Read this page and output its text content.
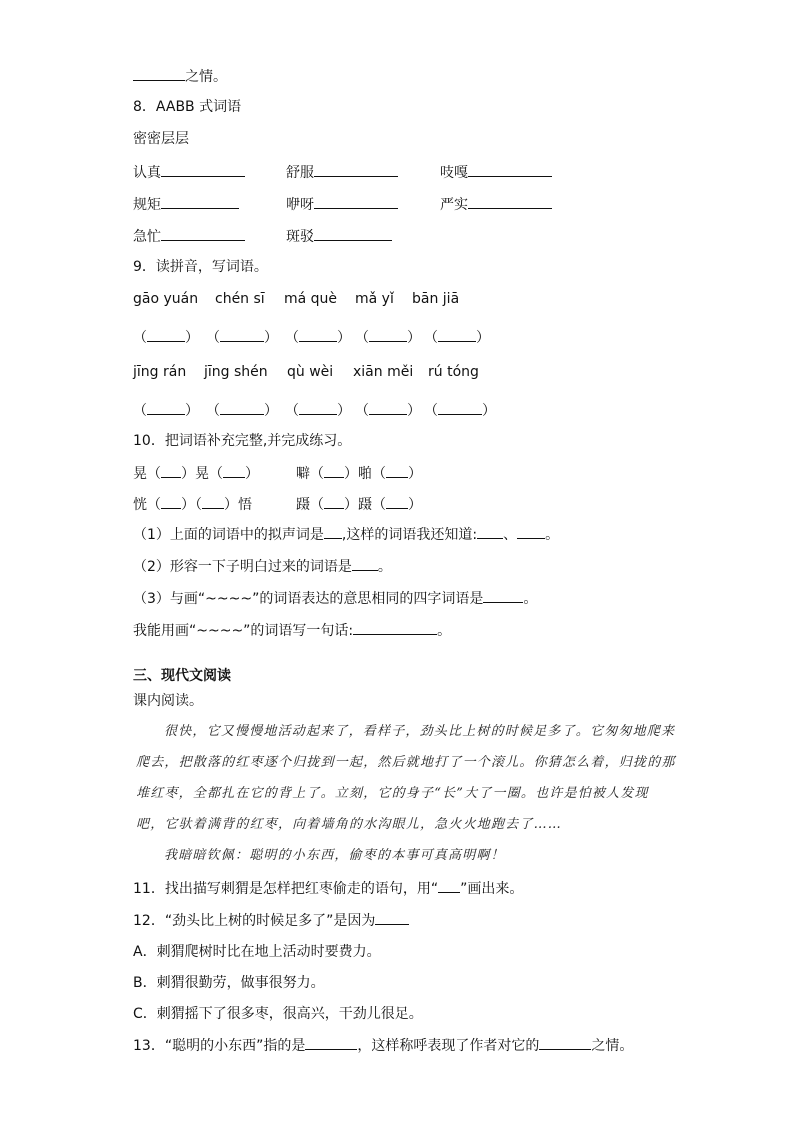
之情。
8．AABB 式词语
密密层层
认真	舒服	吱嘎
规矩	咿呀	严实
急忙	斑驳
9．读拼音，写词语。
gāo yuán chén sī má què mǎ yǐ bān jiā
（	） （	） （	） （	） （	）
jīng rán jīng shén qù wèi xiān měi rú tóng
（	） （	） （	） （	） （	）
10．把词语补充完整,并完成练习。
晃（ ）晃（ ）	噼（ ）啪（ ）
恍（ ）（ ）悟	蹑（ ）蹑（ ）
（1）上面的词语中的拟声词是 ,这样的词语我还知道: 、 。
（2）形容一下子明白过来的词语是 。
（3）与画“~~~~”的词语表达的意思相同的四字词语是	。
我能用画“~~~~”的词语写一句话:	。
三、现代文阅读
课内阅读。

很快，它又慢慢地活动起来了，看样子，劲头比上树的时候足多了。它匆匆地爬来爬去，把散落的红枣逐个归拢到一起，然后就地打了一个滚儿。你猜怎么着，归拢的那堆红枣，全都扎在它的背上了。立刻，它的身子“长”大了一圈。也许是怕被人发现吧，它驮着满背的红枣，向着墙角的水沟眼儿，急火火地跑去了……

我暗暗钦佩：聪明的小东西，偷枣的本事可真高明啊！

11．找出描写刺猬是怎样把红枣偷走的语句，用“ ”画出来。
12．“劲头比上树的时候足多了”是因为
A．刺猬爬树时比在地上活动时要费力。
B．刺猬很勤劳，做事很努力。
C．刺猬摇下了很多枣，很高兴，干劲儿很足。
13．“聪明的小东西”指的是	，这样称呼表现了作者对它的	之情。
